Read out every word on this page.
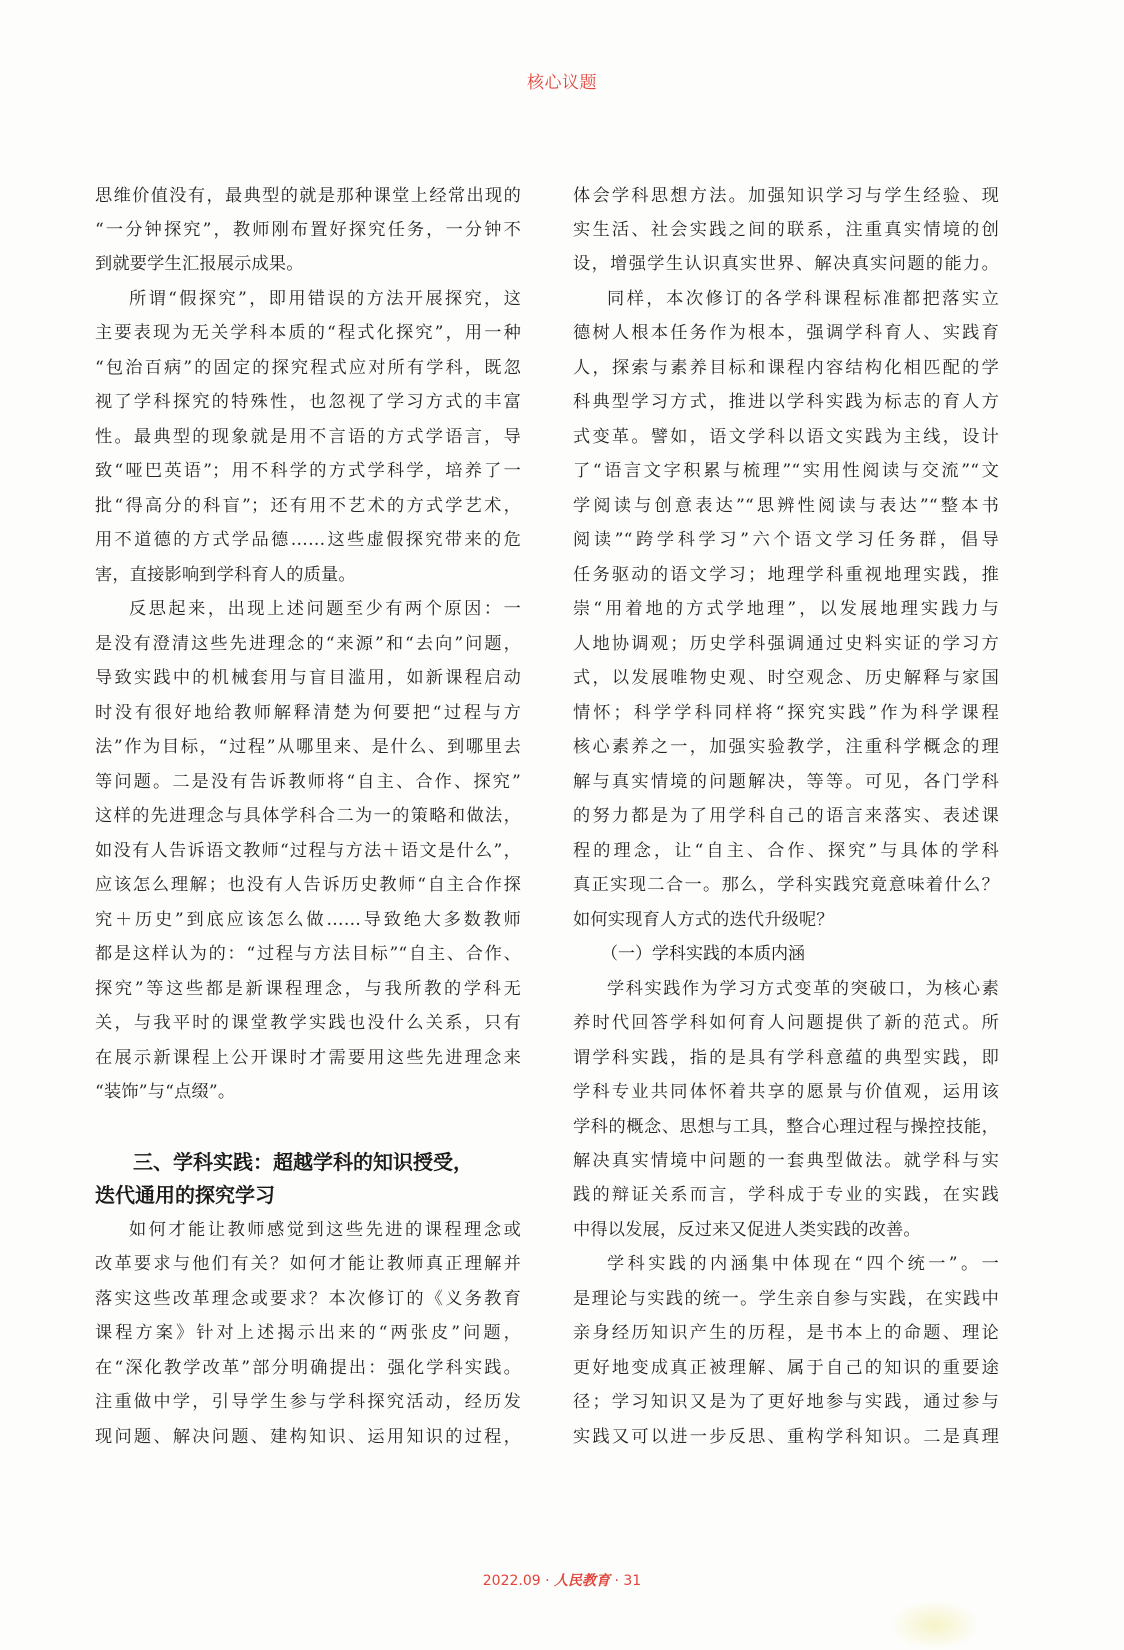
核心议题
思维价值没有，最典型的就是那种课堂上经常出现的
“一分钟探究”，教师刚布置好探究任务，一分钟不
到就要学生汇报展示成果。
所谓“假探究”，即用错误的方法开展探究，这
主要表现为无关学科本质的“程式化探究”，用一种
“包治百病”的固定的探究程式应对所有学科，既忽
视了学科探究的特殊性，也忽视了学习方式的丰富
性。最典型的现象就是用不言语的方式学语言，导
致“哑巴英语”；用不科学的方式学科学，培养了一
批“得高分的科盲”；还有用不艺术的方式学艺术，
用不道德的方式学品德……这些虚假探究带来的危
害，直接影响到学科育人的质量。
反思起来，出现上述问题至少有两个原因：一
是没有澄清这些先进理念的“来源”和“去向”问题，
导致实践中的机械套用与盲目滥用，如新课程启动
时没有很好地给教师解释清楚为何要把“过程与方
法”作为目标，“过程”从哪里来、是什么、到哪里去
等问题。二是没有告诉教师将“自主、合作、探究”
这样的先进理念与具体学科合二为一的策略和做法，
如没有人告诉语文教师“过程与方法＋语文是什么”，
应该怎么理解；也没有人告诉历史教师“自主合作探
究＋历史”到底应该怎么做……导致绝大多数教师
都是这样认为的：“过程与方法目标”“自主、合作、
探究”等这些都是新课程理念，与我所教的学科无
关，与我平时的课堂教学实践也没什么关系，只有
在展示新课程上公开课时才需要用这些先进理念来
“装饰”与“点缀”。
三、学科实践：超越学科的知识授受，
迭代通用的探究学习
如何才能让教师感觉到这些先进的课程理念或
改革要求与他们有关？如何才能让教师真正理解并
落实这些改革理念或要求？本次修订的《义务教育
课程方案》针对上述揭示出来的“两张皮”问题，
在“深化教学改革”部分明确提出：强化学科实践。
注重做中学，引导学生参与学科探究活动，经历发
现问题、解决问题、建构知识、运用知识的过程，
体会学科思想方法。加强知识学习与学生经验、现
实生活、社会实践之间的联系，注重真实情境的创
设，增强学生认识真实世界、解决真实问题的能力。
同样，本次修订的各学科课程标准都把落实立
德树人根本任务作为根本，强调学科育人、实践育
人，探索与素养目标和课程内容结构化相匹配的学
科典型学习方式，推进以学科实践为标志的育人方
式变革。譬如，语文学科以语文实践为主线，设计
了“语言文字积累与梳理”“实用性阅读与交流”“文
学阅读与创意表达”“思辨性阅读与表达”“整本书
阅读”“跨学科学习”六个语文学习任务群，倡导
任务驱动的语文学习；地理学科重视地理实践，推
崇“用着地的方式学地理”，以发展地理实践力与
人地协调观；历史学科强调通过史料实证的学习方
式，以发展唯物史观、时空观念、历史解释与家国
情怀；科学学科同样将“探究实践”作为科学课程
核心素养之一，加强实验教学，注重科学概念的理
解与真实情境的问题解决，等等。可见，各门学科
的努力都是为了用学科自己的语言来落实、表述课
程的理念，让“自主、合作、探究”与具体的学科
真正实现二合一。那么，学科实践究竟意味着什么？
如何实现育人方式的迭代升级呢？
（一）学科实践的本质内涵
学科实践作为学习方式变革的突破口，为核心素
养时代回答学科如何育人问题提供了新的范式。所
谓学科实践，指的是具有学科意蕴的典型实践，即
学科专业共同体怀着共享的愿景与价值观，运用该
学科的概念、思想与工具，整合心理过程与操控技能，
解决真实情境中问题的一套典型做法。就学科与实
践的辩证关系而言，学科成于专业的实践，在实践
中得以发展，反过来又促进人类实践的改善。
学科实践的内涵集中体现在“四个统一”。一
是理论与实践的统一。学生亲自参与实践，在实践中
亲身经历知识产生的历程，是书本上的命题、理论
更好地变成真正被理解、属于自己的知识的重要途
径；学习知识又是为了更好地参与实践，通过参与
实践又可以进一步反思、重构学科知识。二是真理
2022.09 · 人民教育 · 31
